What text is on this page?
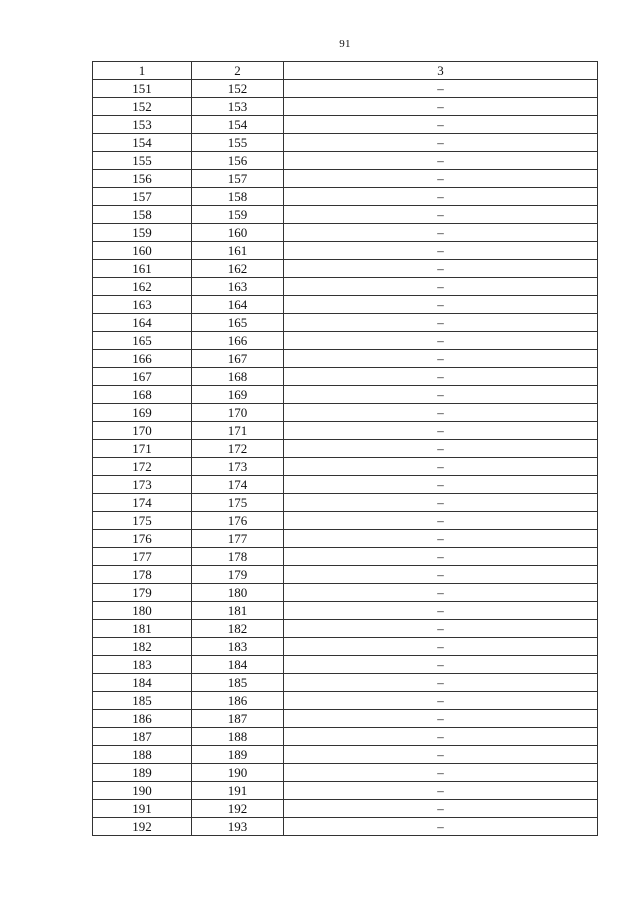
91
1	2	3
151	152	–
152	153	–
153	154	–
154	155	–
155	156	–
156	157	–
157	158	–
158	159	–
159	160	–
160	161	–
161	162	–
162	163	–
163	164	–
164	165	–
165	166	–
166	167	–
167	168	–
168	169	–
169	170	–
170	171	–
171	172	–
172	173	–
173	174	–
174	175	–
175	176	–
176	177	–
177	178	–
178	179	–
179	180	–
180	181	–
181	182	–
182	183	–
183	184	–
184	185	–
185	186	–
186	187	–
187	188	–
188	189	–
189	190	–
190	191	–
191	192	–
192	193	–
